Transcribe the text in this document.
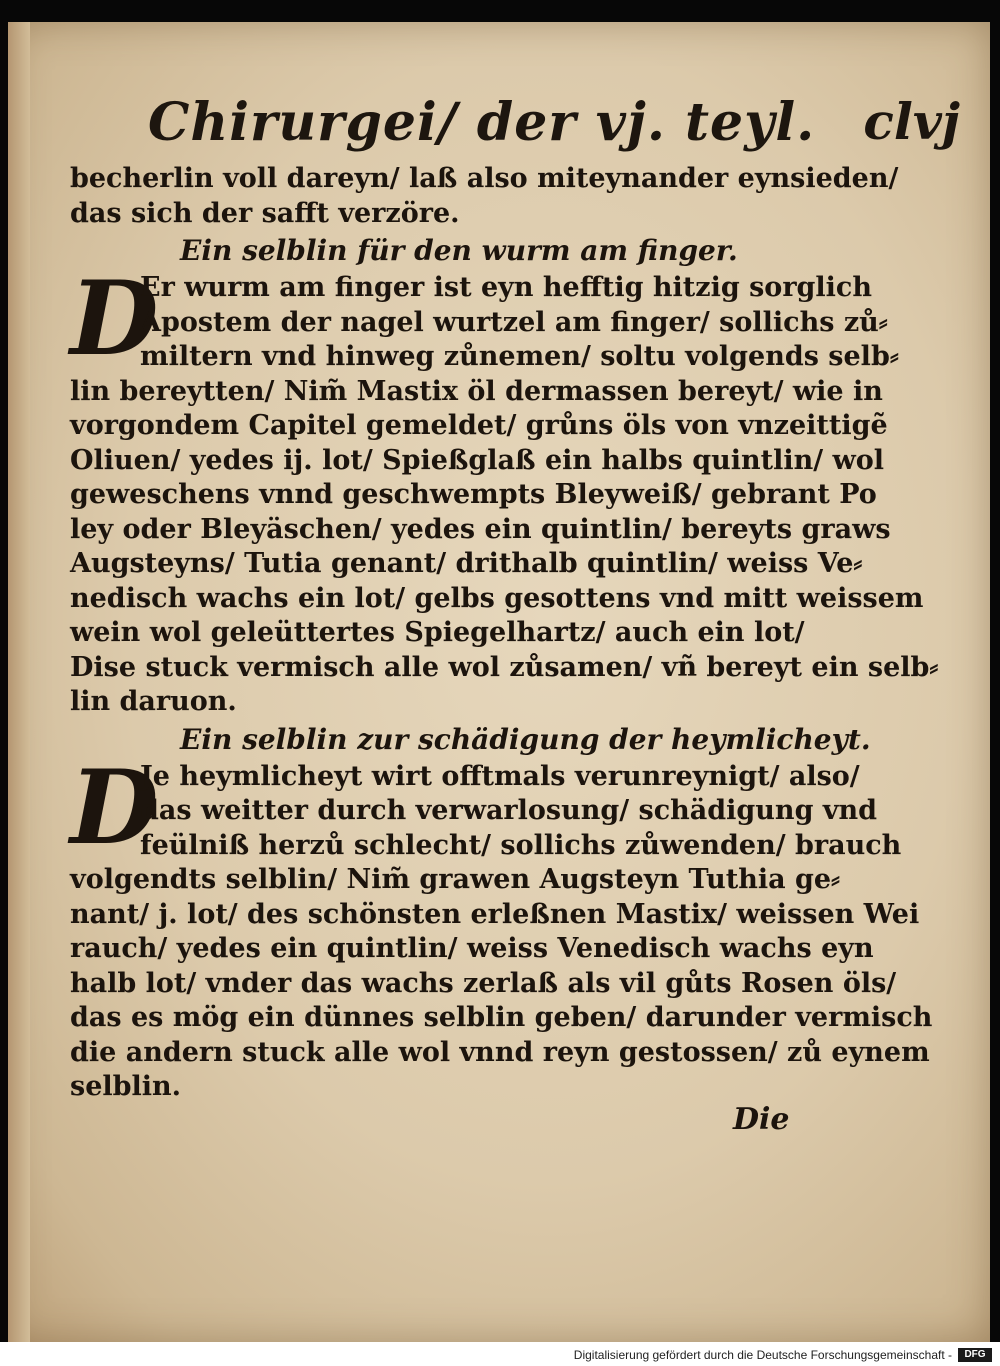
Chirurgei/ der vj. teyl. clvj
becherlin voll dareyn/ laß also miteynander eynsieden/
das sich der safft verzöre.
Ein selblin für den wurm am finger.
D
Er wurm am finger ist eyn hefftig hitzig sorglich
Apostem der nagel wurtzel am finger/ sollichs zů⸗
miltern vnd hinweg zůnemen/ soltu volgends selb⸗
lin bereytten/ Nim̃ Mastix öl dermassen bereyt/ wie in
vorgondem Capitel gemeldet/ grůns öls von vnzeittigẽ
Oliuen/ yedes ij. lot/ Spießglaß ein halbs quintlin/ wol
geweschens vnnd geschwempts Bleyweiß/ gebrant Po
ley oder Bleyäschen/ yedes ein quintlin/ bereyts graws
Augsteyns/ Tutia genant/ drithalb quintlin/ weiss Ve⸗
nedisch wachs ein lot/ gelbs gesottens vnd mitt weissem
wein wol geleüttertes Spiegelhartz/ auch ein lot/
Dise stuck vermisch alle wol zůsamen/ vñ bereyt ein selb⸗
lin daruon.
Ein selblin zur schädigung der heymlicheyt.
D
Je heymlicheyt wirt offtmals verunreynigt/ also/
das weitter durch verwarlosung/ schädigung vnd
feülniß herzů schlecht/ sollichs zůwenden/ brauch
volgendts selblin/ Nim̃ grawen Augsteyn Tuthia ge⸗
nant/ j. lot/ des schönsten erleßnen Mastix/ weissen Wei
rauch/ yedes ein quintlin/ weiss Venedisch wachs eyn
halb lot/ vnder das wachs zerlaß als vil gůts Rosen öls/
das es mög ein dünnes selblin geben/ darunder vermisch
die andern stuck alle wol vnnd reyn gestossen/ zů eynem
selblin.
Die
Digitalisierung gefördert durch die Deutsche Forschungsgemeinschaft -	DFG
